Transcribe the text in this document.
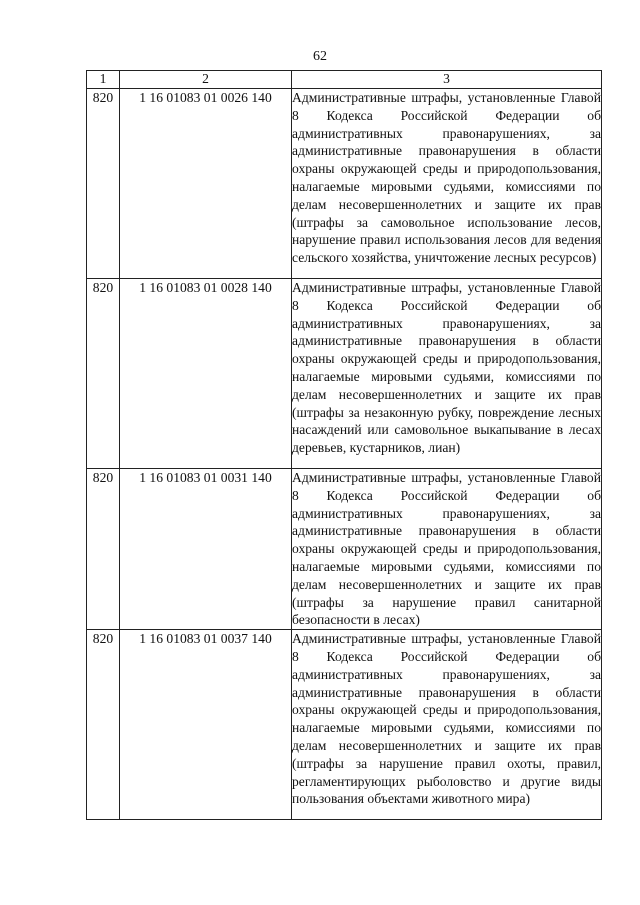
62
1	2	3
820	1 16 01083 01 0026 140	Административные штрафы, установленные Главой 8 Кодекса Российской Федерации об административных правонарушениях, за административные правонарушения в области охраны окружающей среды и природопользования, налагаемые мировыми судьями, комиссиями по делам несовершеннолетних и защите их прав (штрафы за самовольное использование лесов, нарушение правил использования лесов для ведения сельского хозяйства, уничтожение лесных ресурсов)
820	1 16 01083 01 0028 140	Административные штрафы, установленные Главой 8 Кодекса Российской Федерации об административных правонарушениях, за административные правонарушения в области охраны окружающей среды и природопользования, налагаемые мировыми судьями, комиссиями по делам несовершеннолетних и защите их прав (штрафы за незаконную рубку, повреждение лесных насаждений или самовольное выкапывание в лесах деревьев, кустарников, лиан)
820	1 16 01083 01 0031 140	Административные штрафы, установленные Главой 8 Кодекса Российской Федерации об административных правонарушениях, за административные правонарушения в области охраны окружающей среды и природопользования, налагаемые мировыми судьями, комиссиями по делам несовершеннолетних и защите их прав (штрафы за нарушение правил санитарной безопасности в лесах)
820	1 16 01083 01 0037 140	Административные штрафы, установленные Главой 8 Кодекса Российской Федерации об административных правонарушениях, за административные правонарушения в области охраны окружающей среды и природопользования, налагаемые мировыми судьями, комиссиями по делам несовершеннолетних и защите их прав (штрафы за нарушение правил охоты, правил, регламентирующих рыболовство и другие виды пользования объектами животного мира)
